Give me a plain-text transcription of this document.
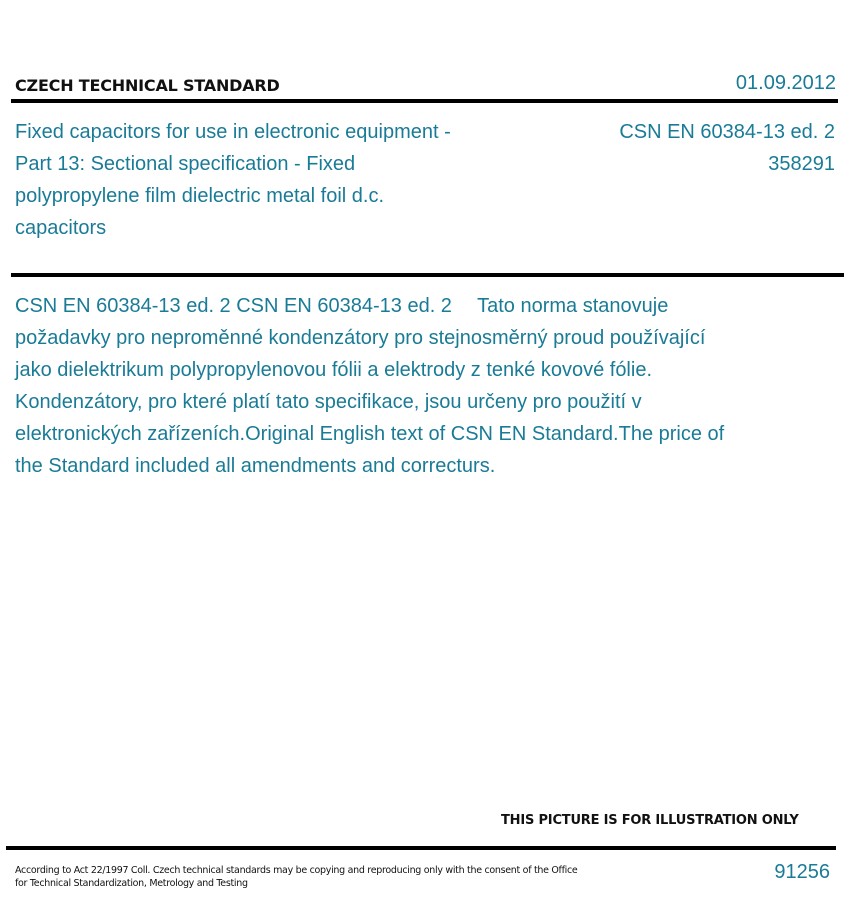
CZECH TECHNICAL STANDARD	01.09.2012
Fixed capacitors for use in electronic equipment - Part 13: Sectional specification - Fixed polypropylene film dielectric metal foil d.c. capacitors
CSN EN 60384-13 ed. 2
358291
CSN EN 60384-13 ed. 2 CSN EN 60384-13 ed. 2  Tato norma stanovuje požadavky pro neproměnné kondenzátory pro stejnosměrný proud používající jako dielektrikum polypropylenovou fólii a elektrody z tenké kovové fólie. Kondenzátory, pro které platí tato specifikace, jsou určeny pro použití v elektronických zařízeních.Original English text of CSN EN Standard.The price of the Standard included all amendments and correcturs.
THIS PICTURE IS FOR ILLUSTRATION ONLY
According to Act 22/1997 Coll. Czech technical standards may be copying and reproducing only with the consent of the Office for Technical Standardization, Metrology and Testing
91256
